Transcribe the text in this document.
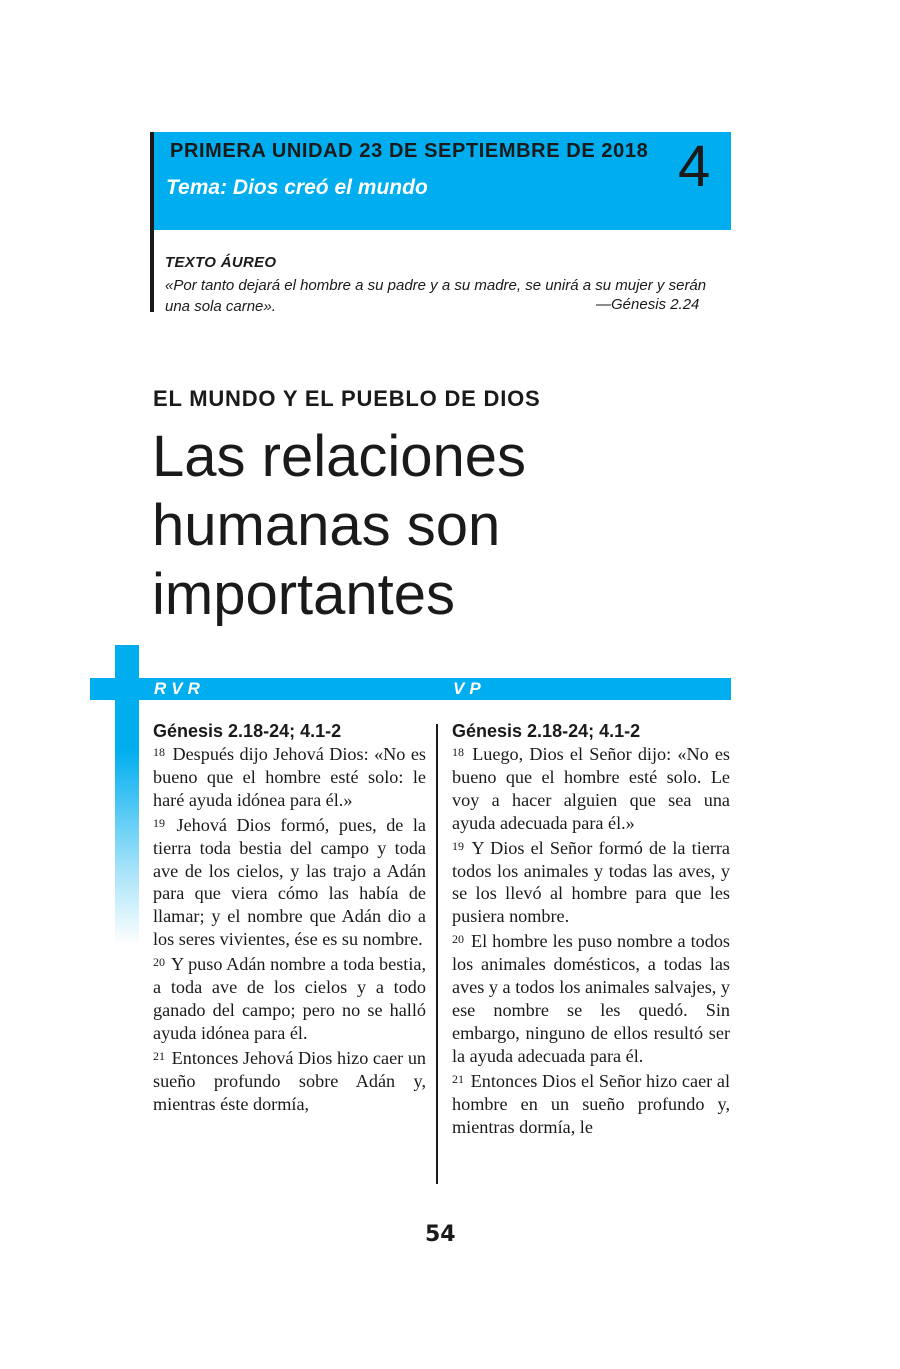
PRIMERA UNIDAD 23 DE SEPTIEMBRE DE 2018 4
Tema: Dios creó el mundo
TEXTO ÁUREO
«Por tanto dejará el hombre a su padre y a su madre, se unirá a su mujer y serán una sola carne».	—Génesis 2.24
EL MUNDO Y EL PUEBLO DE DIOS
Las relaciones humanas son importantes
RVR	VP
Génesis 2.18-24; 4.1-2

$^{18}$ Después dijo Jehová Dios: «No es bueno que el hombre esté solo: le haré ayuda idónea para él.»

$^{19}$ Jehová Dios formó, pues, de la tierra toda bestia del campo y toda ave de los cielos, y las trajo a Adán para que viera cómo las había de llamar; y el nombre que Adán dio a los seres vivientes, ése es su nombre.

$^{20}$ Y puso Adán nombre a toda bestia, a toda ave de los cielos y a todo ganado del campo; pero no se halló ayuda idónea para él.

$^{21}$ Entonces Jehová Dios hizo caer un sueño profundo sobre Adán y, mientras éste dormía,

Génesis 2.18-24; 4.1-2

$^{18}$ Luego, Dios el Señor dijo: «No es bueno que el hombre esté solo. Le voy a hacer alguien que sea una ayuda adecuada para él.»

$^{19}$ Y Dios el Señor formó de la tierra todos los animales y todas las aves, y se los llevó al hombre para que les pusiera nombre.

$^{20}$ El hombre les puso nombre a todos los animales domésticos, a todas las aves y a todos los animales salvajes, y ese nombre se les quedó. Sin embargo, ninguno de ellos resultó ser la ayuda adecuada para él.

$^{21}$ Entonces Dios el Señor hizo caer al hombre en un sueño profundo y, mientras dormía, le

54
